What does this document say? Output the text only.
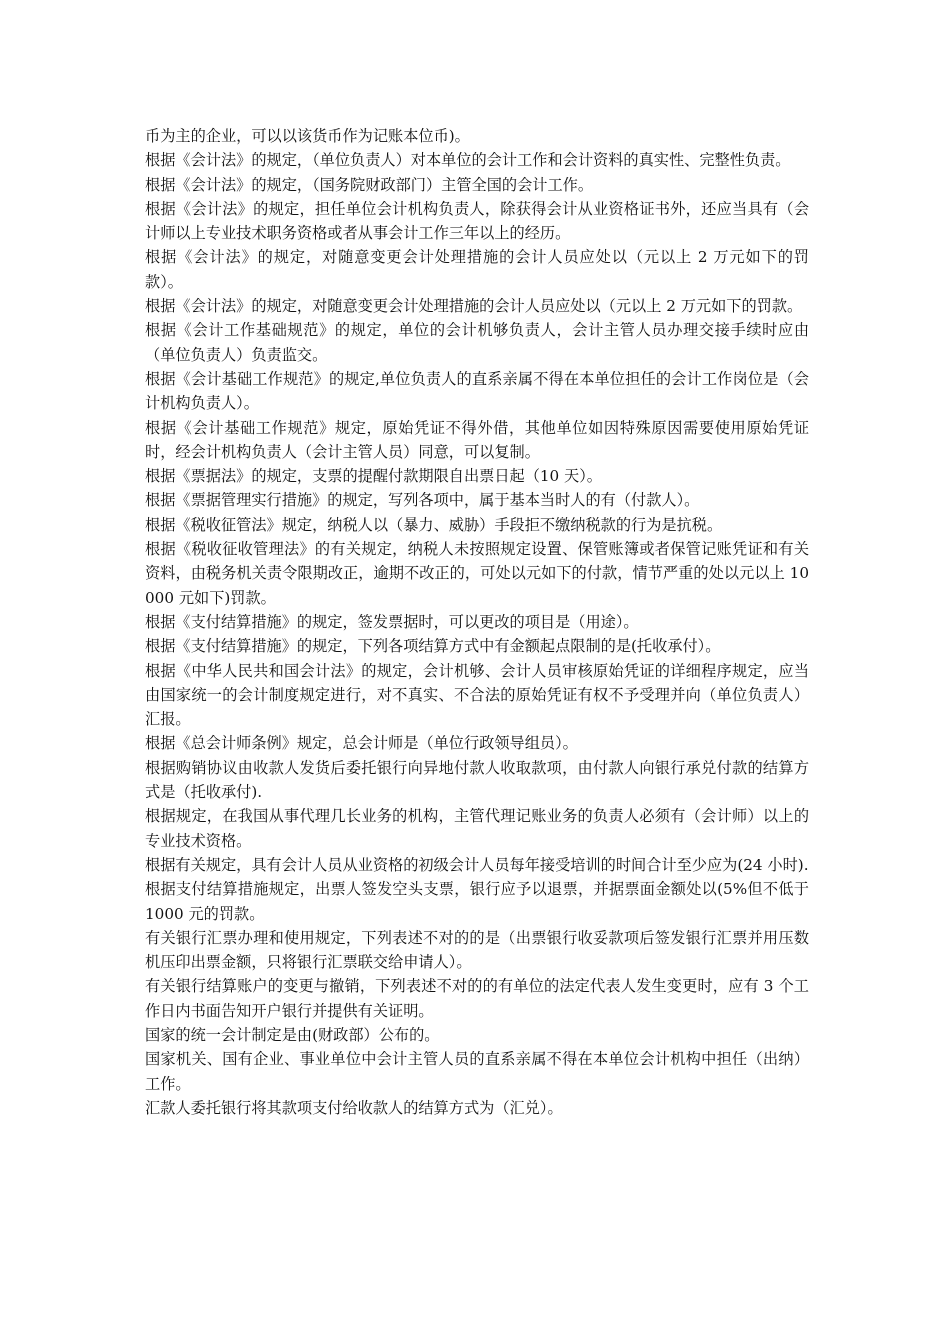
币为主的企业，可以以该货币作为记账本位币)。

根据《会计法》的规定，（单位负责人）对本单位的会计工作和会计资料的真实性、完整性负责。

根据《会计法》的规定，（国务院财政部门）主管全国的会计工作。

根据《会计法》的规定，担任单位会计机构负责人，除获得会计从业资格证书外，还应当具有（会计师以上专业技术职务资格或者从事会计工作三年以上的经历。

根据《会计法》的规定，对随意变更会计处理措施的会计人员应处以（元以上 2 万元如下的罚款）。

根据《会计法》的规定，对随意变更会计处理措施的会计人员应处以（元以上 2 万元如下的罚款。

根据《会计工作基础规范》的规定，单位的会计机够负责人，会计主管人员办理交接手续时应由（单位负责人）负责监交。

根据《会计基础工作规范》的规定,单位负责人的直系亲属不得在本单位担任的会计工作岗位是（会计机构负责人）。

根据《会计基础工作规范》规定，原始凭证不得外借，其他单位如因特殊原因需要使用原始凭证时，经会计机构负责人（会计主管人员）同意，可以复制。

根据《票据法》的规定，支票的提醒付款期限自出票日起（10 天）。

根据《票据管理实行措施》的规定，写列各项中，属于基本当时人的有（付款人）。

根据《税收征管法》规定，纳税人以（暴力、威胁）手段拒不缴纳税款的行为是抗税。

根据《税收征收管理法》的有关规定，纳税人未按照规定设置、保管账簿或者保管记账凭证和有关资料，由税务机关责令限期改正，逾期不改正的，可处以元如下的付款，情节严重的处以元以上 10000 元如下)罚款。

根据《支付结算措施》的规定，签发票据时，可以更改的项目是（用途）。

根据《支付结算措施》的规定，下列各项结算方式中有金额起点限制的是(托收承付）。

根据《中华人民共和国会计法》的规定，会计机够、会计人员审核原始凭证的详细程序规定，应当由国家统一的会计制度规定进行，对不真实、不合法的原始凭证有权不予受理并向（单位负责人）汇报。

根据《总会计师条例》规定，总会计师是（单位行政领导组员）。

根据购销协议由收款人发货后委托银行向异地付款人收取款项，由付款人向银行承兑付款的结算方式是（托收承付).

根据规定，在我国从事代理几长业务的机构，主管代理记账业务的负责人必须有（会计师）以上的专业技术资格。

根据有关规定，具有会计人员从业资格的初级会计人员每年接受培训的时间合计至少应为(24 小时).

根据支付结算措施规定，出票人签发空头支票，银行应予以退票，并据票面金额处以(5%但不低于 1000 元的罚款。

有关银行汇票办理和使用规定，下列表述不对的的是（出票银行收妥款项后签发银行汇票并用压数机压印出票金额，只将银行汇票联交给申请人）。

有关银行结算账户的变更与撤销，下列表述不对的的有单位的法定代表人发生变更时，应有 3 个工作日内书面告知开户银行并提供有关证明。

国家的统一会计制定是由(财政部）公布的。

国家机关、国有企业、事业单位中会计主管人员的直系亲属不得在本单位会计机构中担任（出纳）工作。

汇款人委托银行将其款项支付给收款人的结算方式为（汇兑）。
